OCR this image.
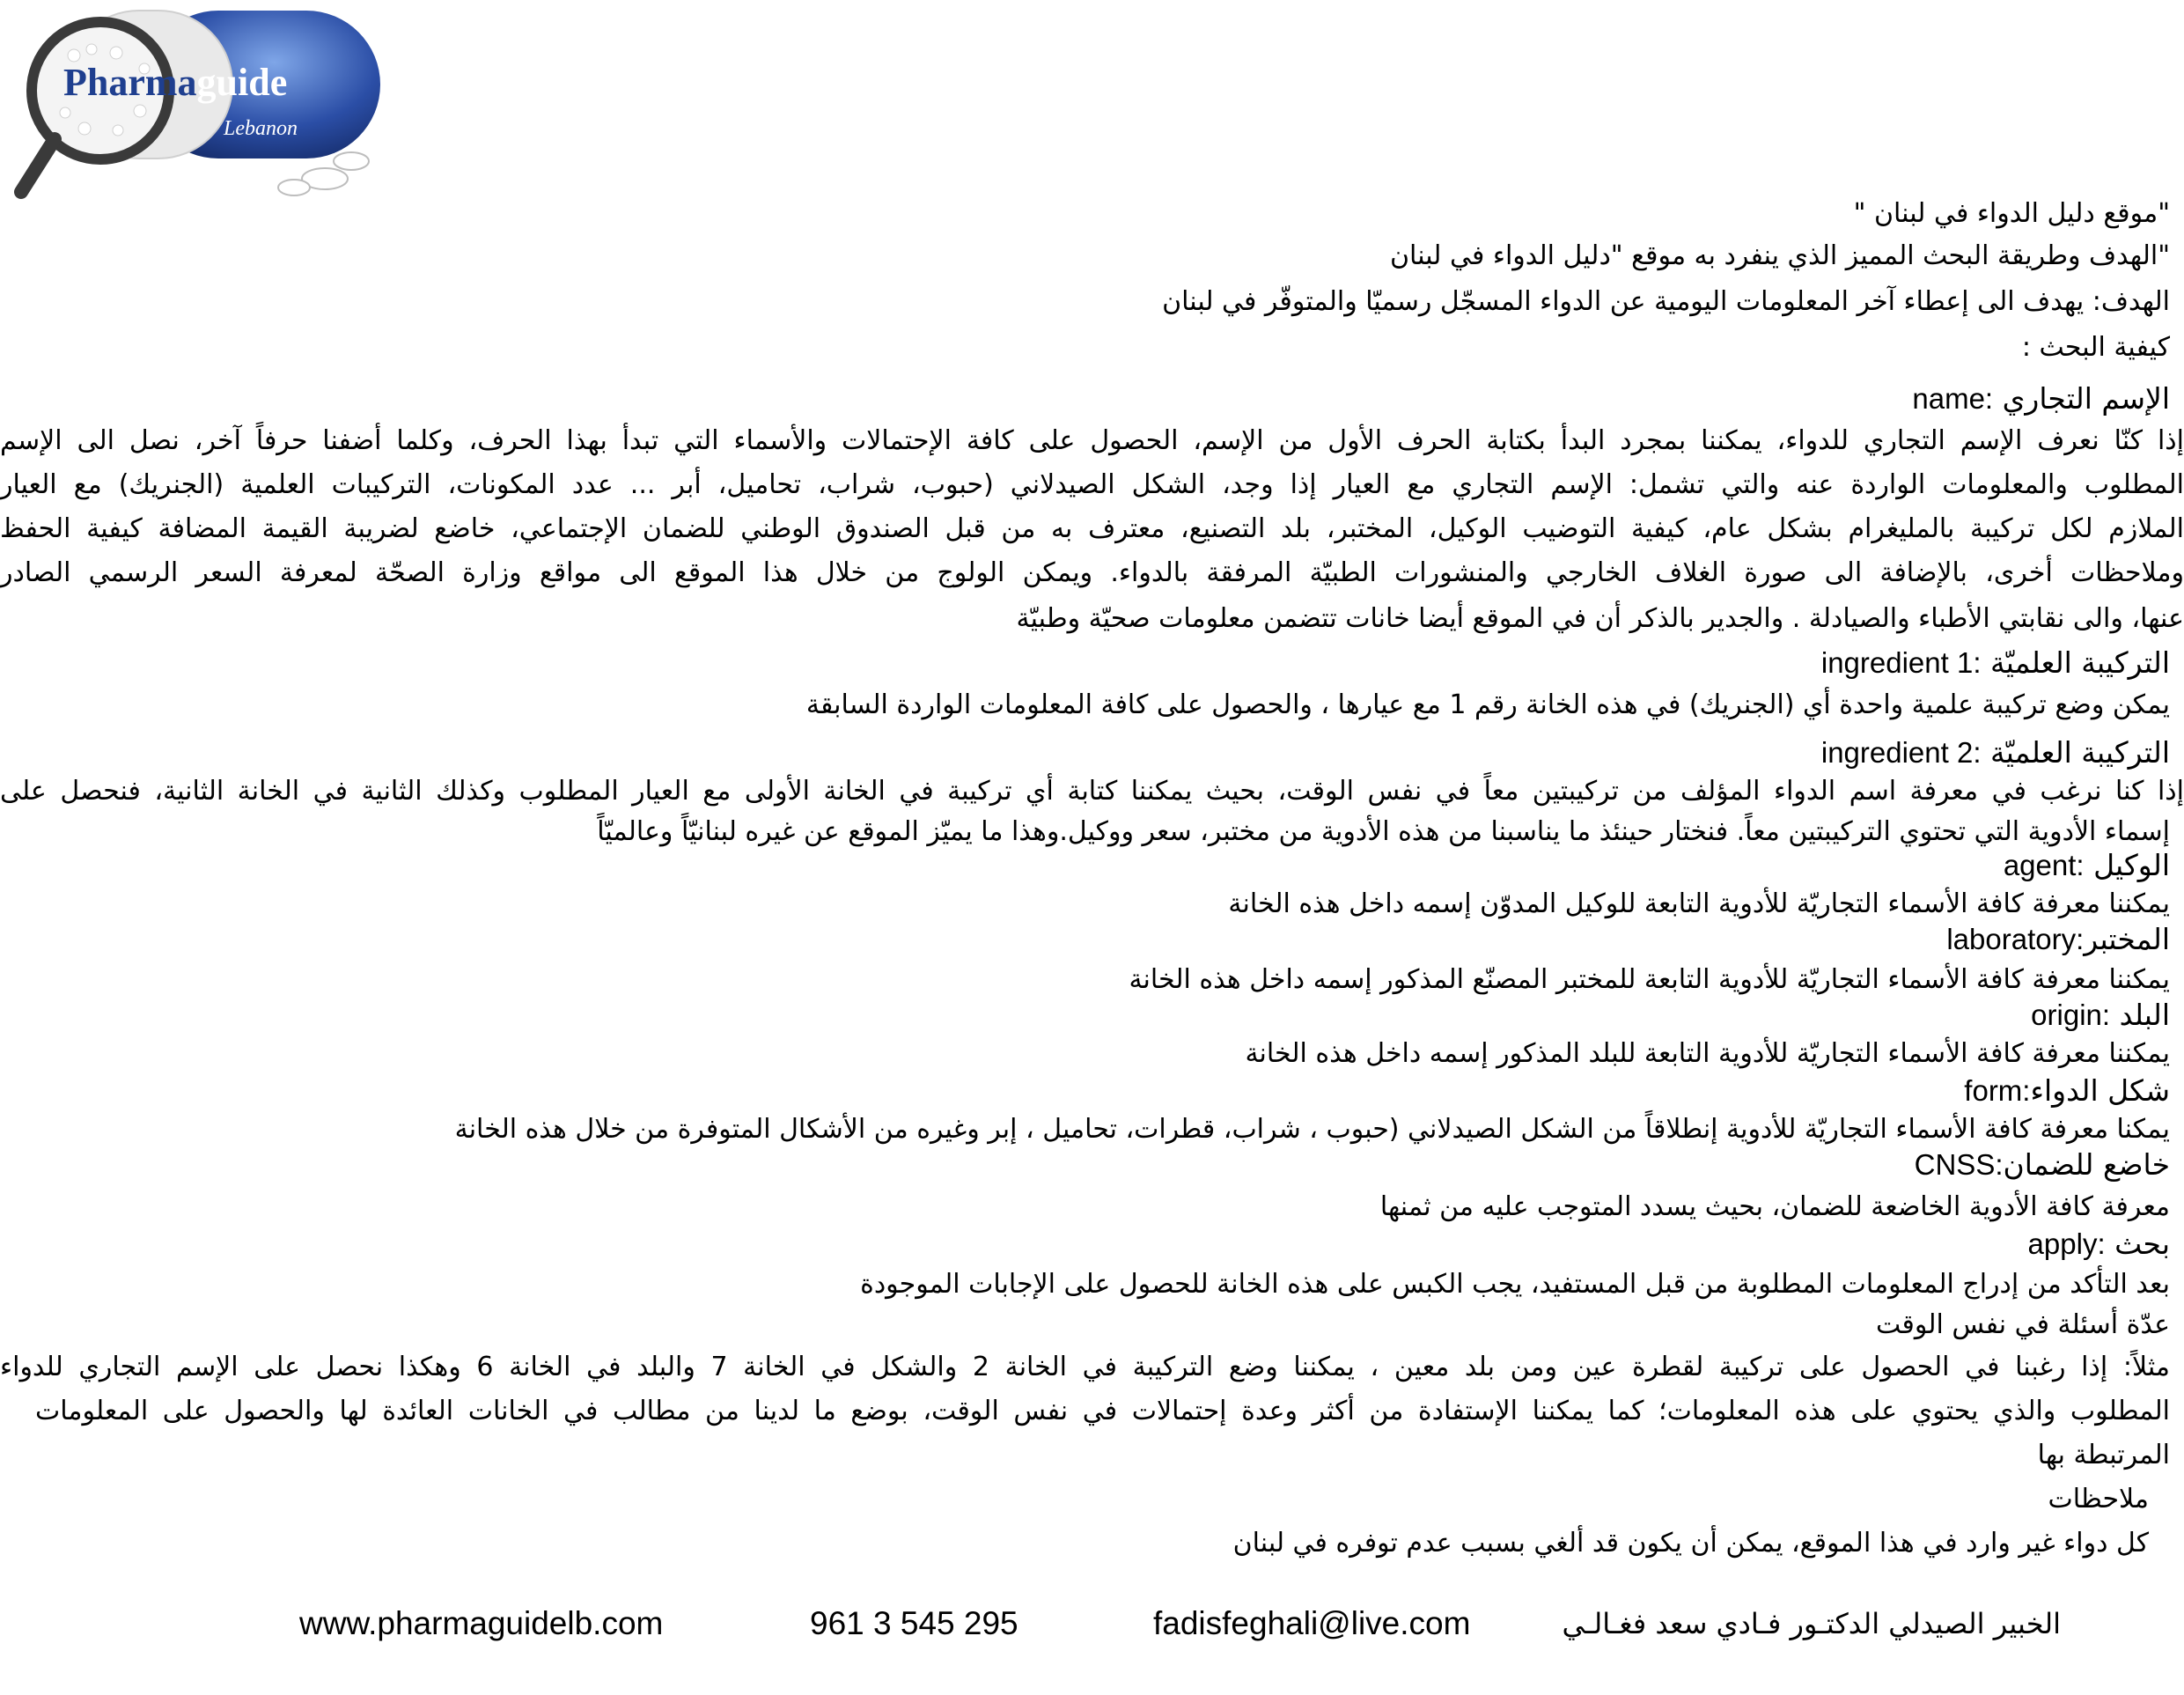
Pharmaguide
Lebanon
"موقع دليل الدواء في لبنان "
"الهدف وطريقة البحث المميز الذي ينفرد به موقع "دليل الدواء في لبنان
الهدف: يهدف الى إعطاء آخر المعلومات اليومية عن الدواء المسجّل رسميّا والمتوفّر في لبنان
كيفية البحث :
name: الإسم التجاري
إذا كنّا نعرف الإسم التجاري للدواء، يمكننا بمجرد البدأ بكتابة الحرف الأول من الإسم، الحصول على كافة الإحتمالات والأسماء التي تبدأ بهذا الحرف، وكلما أضفنا حرفاً آخر، نصل الى الإسم
المطلوب والمعلومات الواردة عنه والتي تشمل: الإسم التجاري مع العيار إذا وجد، الشكل الصيدلاني (حبوب، شراب، تحاميل، أبر ... عدد المكونات، التركيبات العلمية (الجنريك) مع العيار
الملازم لكل تركيبة بالمليغرام بشكل عام، كيفية التوضيب الوكيل، المختبر، بلد التصنيع، معترف به من قبل الصندوق الوطني للضمان الإجتماعي، خاضع لضريبة القيمة المضافة كيفية الحفظ
وملاحظات أخرى، بالإضافة الى صورة الغلاف الخارجي والمنشورات الطبيّة المرفقة بالدواء. ويمكن الولوج من خلال هذا الموقع الى مواقع وزارة الصحّة لمعرفة السعر الرسمي الصادر
عنها، والى نقابتي الأطباء والصيادلة . والجدير بالذكر أن في الموقع أيضا خانات تتضمن معلومات صحيّة وطبيّة
ingredient 1: التركيبة العلميّة
يمكن وضع تركيبة علمية واحدة أي (الجنريك) في هذه الخانة رقم 1 مع عيارها ، والحصول على كافة المعلومات الواردة السابقة
ingredient 2: التركيبة العلميّة
إذا كنا نرغب في معرفة اسم الدواء المؤلف من تركيبتين معاً في نفس الوقت، بحيث يمكننا كتابة أي تركيبة في الخانة الأولى مع العيار المطلوب وكذلك الثانية في الخانة الثانية، فنحصل على
إسماء الأدوية التي تحتوي التركيبتين معاً. فنختار حينئذ ما يناسبنا من هذه الأدوية من مختبر، سعر ووكيل.وهذا ما يميّز الموقع عن غيره لبنانيّاً وعالميّاً
agent: الوكيل
يمكننا معرفة كافة الأسماء التجاريّة للأدوية التابعة للوكيل المدوّن إسمه داخل هذه الخانة
laboratory:المختبر
يمكننا معرفة كافة الأسماء التجاريّة للأدوية التابعة للمختبر المصنّع المذكور إسمه داخل هذه الخانة
origin: البلد
يمكننا معرفة كافة الأسماء التجاريّة للأدوية التابعة للبلد المذكور إسمه داخل هذه الخانة
form:شكل الدواء
يمكنا معرفة كافة الأسماء التجاريّة للأدوية إنطلاقاً من الشكل الصيدلاني (حبوب ، شراب، قطرات، تحاميل ، إبر وغيره من الأشكال المتوفرة من خلال هذه الخانة
CNSS:خاضع للضمان
معرفة كافة الأدوية الخاضعة للضمان، بحيث يسدد المتوجب عليه من ثمنها
apply: بحث
بعد التأكد من إدراج المعلومات المطلوبة من قبل المستفيد، يجب الكبس على هذه الخانة للحصول على الإجابات الموجودة
عدّة أسئلة في نفس الوقت
مثلاً: إذا رغبنا في الحصول على تركيبة لقطرة عين ومن بلد معين ، يمكننا وضع التركيبة في الخانة 2 والشكل في الخانة 7 والبلد في الخانة 6 وهكذا نحصل على الإسم التجاري للدواء
المطلوب والذي يحتوي على هذه المعلومات؛ كما يمكننا الإستفادة من أكثر وعدة إحتمالات في نفس الوقت، بوضع ما لدينا من مطالب في الخانات العائدة لها والحصول على المعلومات
المرتبطة بها
ملاحظات
كل دواء غير وارد في هذا الموقع، يمكن أن يكون قد ألغي بسبب عدم توفره في لبنان
www.pharmaguidelb.com	961 3 545 295	fadisfeghali@live.com	الخبير الصيدلي الدكتـور فـادي سعد فغـالـي
